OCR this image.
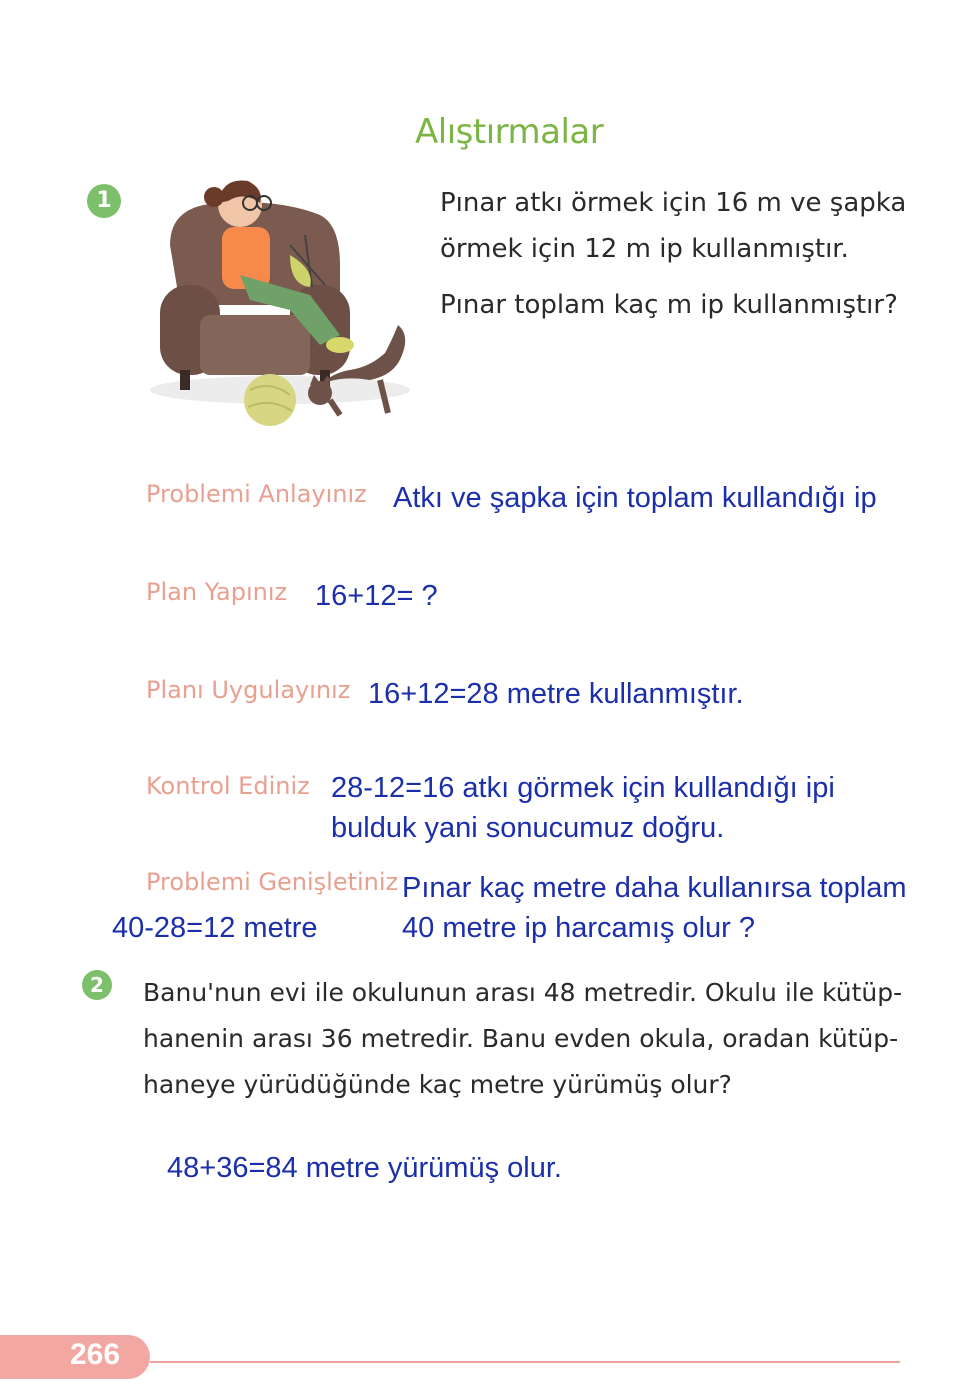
Alıştırmalar
1	Pınar atkı örmek için 16 m ve şapka
örmek için 12 m ip kullanmıştır.
Pınar toplam kaç m ip kullanmıştır?
Problemi Anlayınız Atkı ve şapka için toplam kullandığı ip
Plan Yapınız 16+12= ?
Planı Uygulayınız 16+12=28 metre kullanmıştır.
Kontrol Ediniz 28-12=16 atkı görmek için kullandığı ipi
bulduk yani sonucumuz doğru.
Problemi Genişletiniz Pınar kaç metre daha kullanırsa toplam
40 metre ip harcamış olur ?
40-28=12 metre
2	Banu'nun evi ile okulunun arası 48 metredir. Okulu ile kütüp-
hanenin arası 36 metredir. Banu evden okula, oradan kütüp-
haneye yürüdüğünde kaç metre yürümüş olur?
48+36=84 metre yürümüş olur.
266
